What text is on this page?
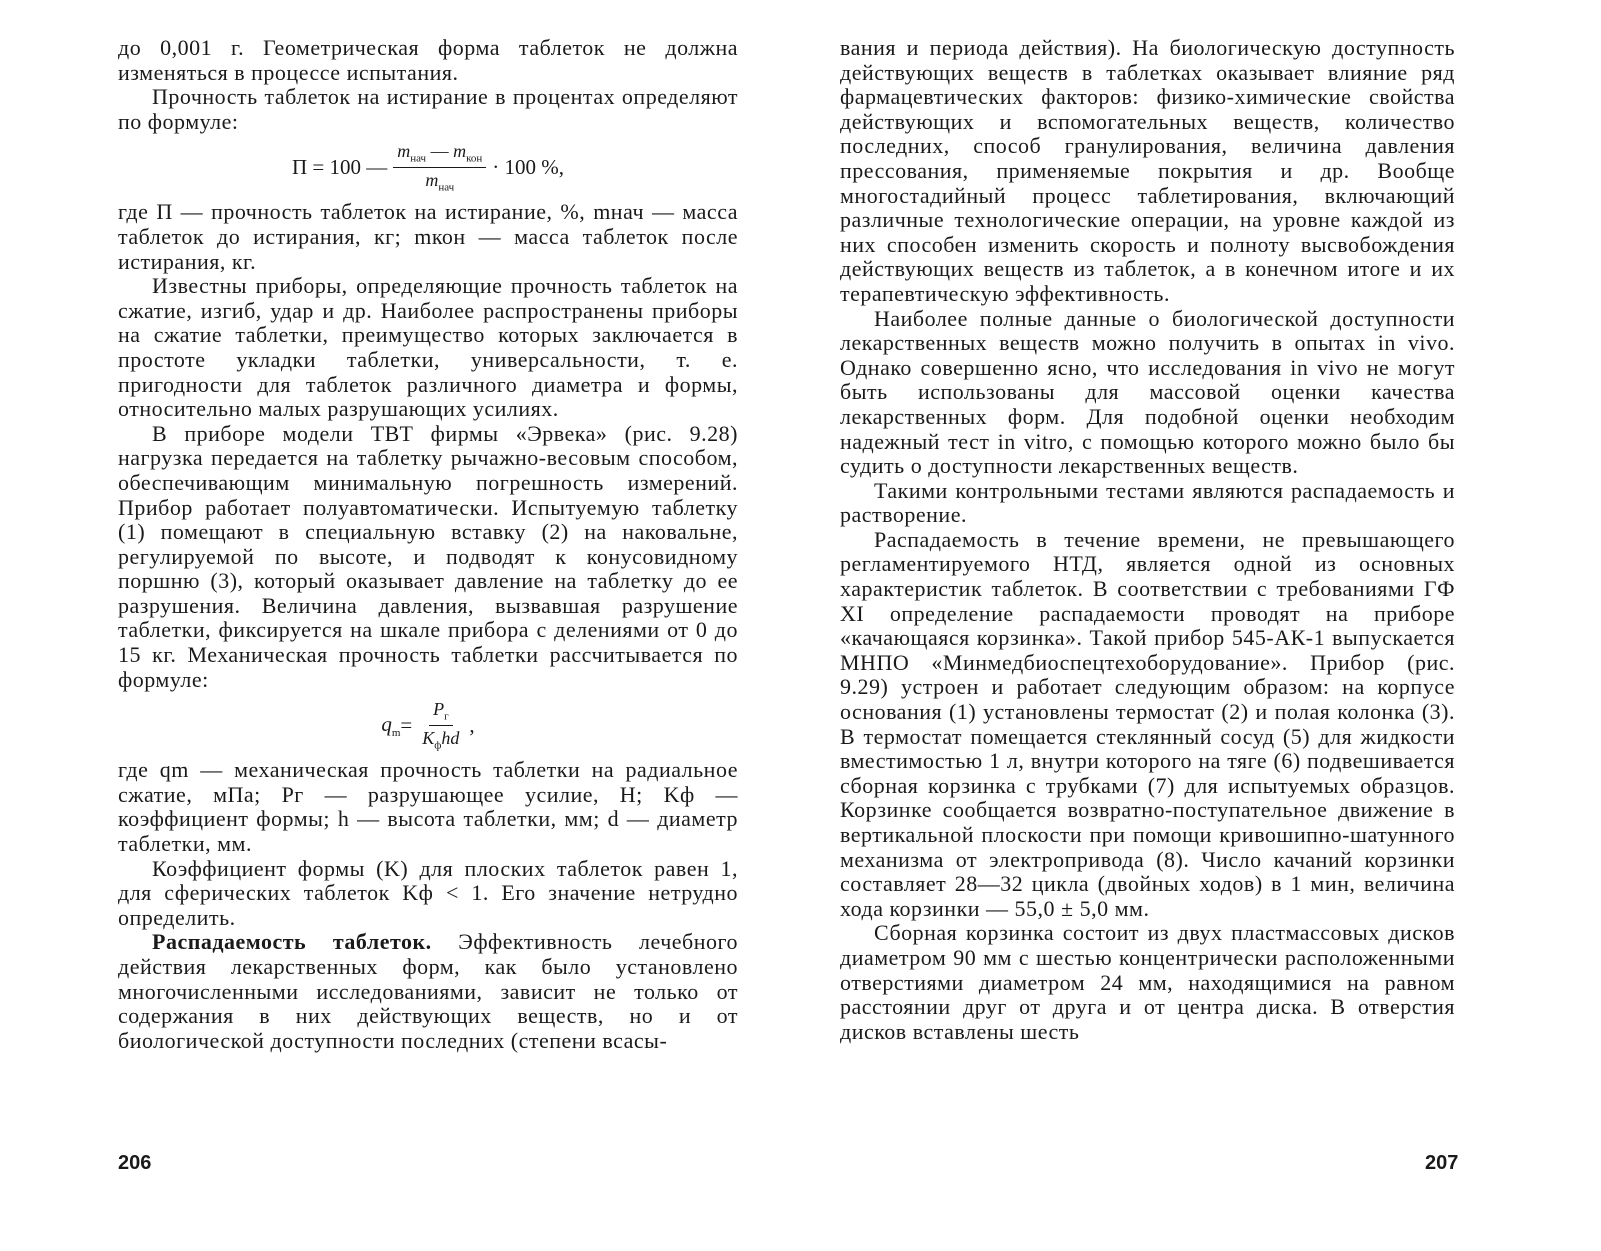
до 0,001 г. Геометрическая форма таблеток не должна изменяться в процессе испытания.

Прочность таблеток на истирание в процентах определяют по формуле:

П = 100 — $\frac{m_{нач} — m_{кон}}{m_{нач}} \cdot 100$ %,

где П — прочность таблеток на истирание, %, mнач — масса таблеток до истирания, кг; mкон — масса таблеток после истирания, кг.

Известны приборы, определяющие прочность таблеток на сжатие, изгиб, удар и др. Наиболее распространены приборы на сжатие таблетки, преимущество которых заключается в простоте укладки таблетки, универсальности, т. е. пригодности для таблеток различного диаметра и формы, относительно малых разрушающих усилиях.

В приборе модели ТВТ фирмы «Эрвека» (рис. 9.28) нагрузка передается на таблетку рычажно-весовым способом, обеспечивающим минимальную погрешность измерений. Прибор работает полуавтоматически. Испытуемую таблетку (1) помещают в специальную вставку (2) на наковальне, регулируемой по высоте, и подводят к конусовидному поршню (3), который оказывает давление на таблетку до ее разрушения. Величина давления, вызвавшая разрушение таблетки, фиксируется на шкале прибора с делениями от 0 до 15 кг. Механическая прочность таблетки рассчитывается по формуле:

$q_m = \frac{P_г}{K_фhd}$ ,

где qm — механическая прочность таблетки на радиальное сжатие, мПа; Pг — разрушающее усилие, Н; Kф — коэффициент формы; h — высота таблетки, мм; d — диаметр таблетки, мм.

Коэффициент формы (K) для плоских таблеток равен 1, для сферических таблеток Kф < 1. Его значение нетрудно определить.

Распадаемость таблеток. Эффективность лечебного действия лекарственных форм, как было установлено многочисленными исследованиями, зависит не только от содержания в них действующих веществ, но и от биологической доступности последних (степени всасы-

206

вания и периода действия). На биологическую доступность действующих веществ в таблетках оказывает влияние ряд фармацевтических факторов: физико-химические свойства действующих и вспомогательных веществ, количество последних, способ гранулирования, величина давления прессования, применяемые покрытия и др. Вообще многостадийный процесс таблетирования, включающий различные технологические операции, на уровне каждой из них способен изменить скорость и полноту высвобождения действующих веществ из таблеток, а в конечном итоге и их терапевтическую эффективность.

Наиболее полные данные о биологической доступности лекарственных веществ можно получить в опытах in vivo. Однако совершенно ясно, что исследования in vivo не могут быть использованы для массовой оценки качества лекарственных форм. Для подобной оценки необходим надежный тест in vitro, с помощью которого можно было бы судить о доступности лекарственных веществ.

Такими контрольными тестами являются распадаемость и растворение.

Распадаемость в течение времени, не превышающего регламентируемого НТД, является одной из основных характеристик таблеток. В соответствии с требованиями ГФ XI определение распадаемости проводят на приборе «качающаяся корзинка». Такой прибор 545-АК-1 выпускается МНПО «Минмедбиоспецтехоборудование». Прибор (рис. 9.29) устроен и работает следующим образом: на корпусе основания (1) установлены термостат (2) и полая колонка (3). В термостат помещается стеклянный сосуд (5) для жидкости вместимостью 1 л, внутри которого на тяге (6) подвешивается сборная корзинка с трубками (7) для испытуемых образцов. Корзинке сообщается возвратно-поступательное движение в вертикальной плоскости при помощи кривошипно-шатунного механизма от электропривода (8). Число качаний корзинки составляет 28—32 цикла (двойных ходов) в 1 мин, величина хода корзинки — 55,0 ± 5,0 мм.

Сборная корзинка состоит из двух пластмассовых дисков диаметром 90 мм с шестью концентрически расположенными отверстиями диаметром 24 мм, находящимися на равном расстоянии друг от друга и от центра диска. В отверстия дисков вставлены шесть

207
